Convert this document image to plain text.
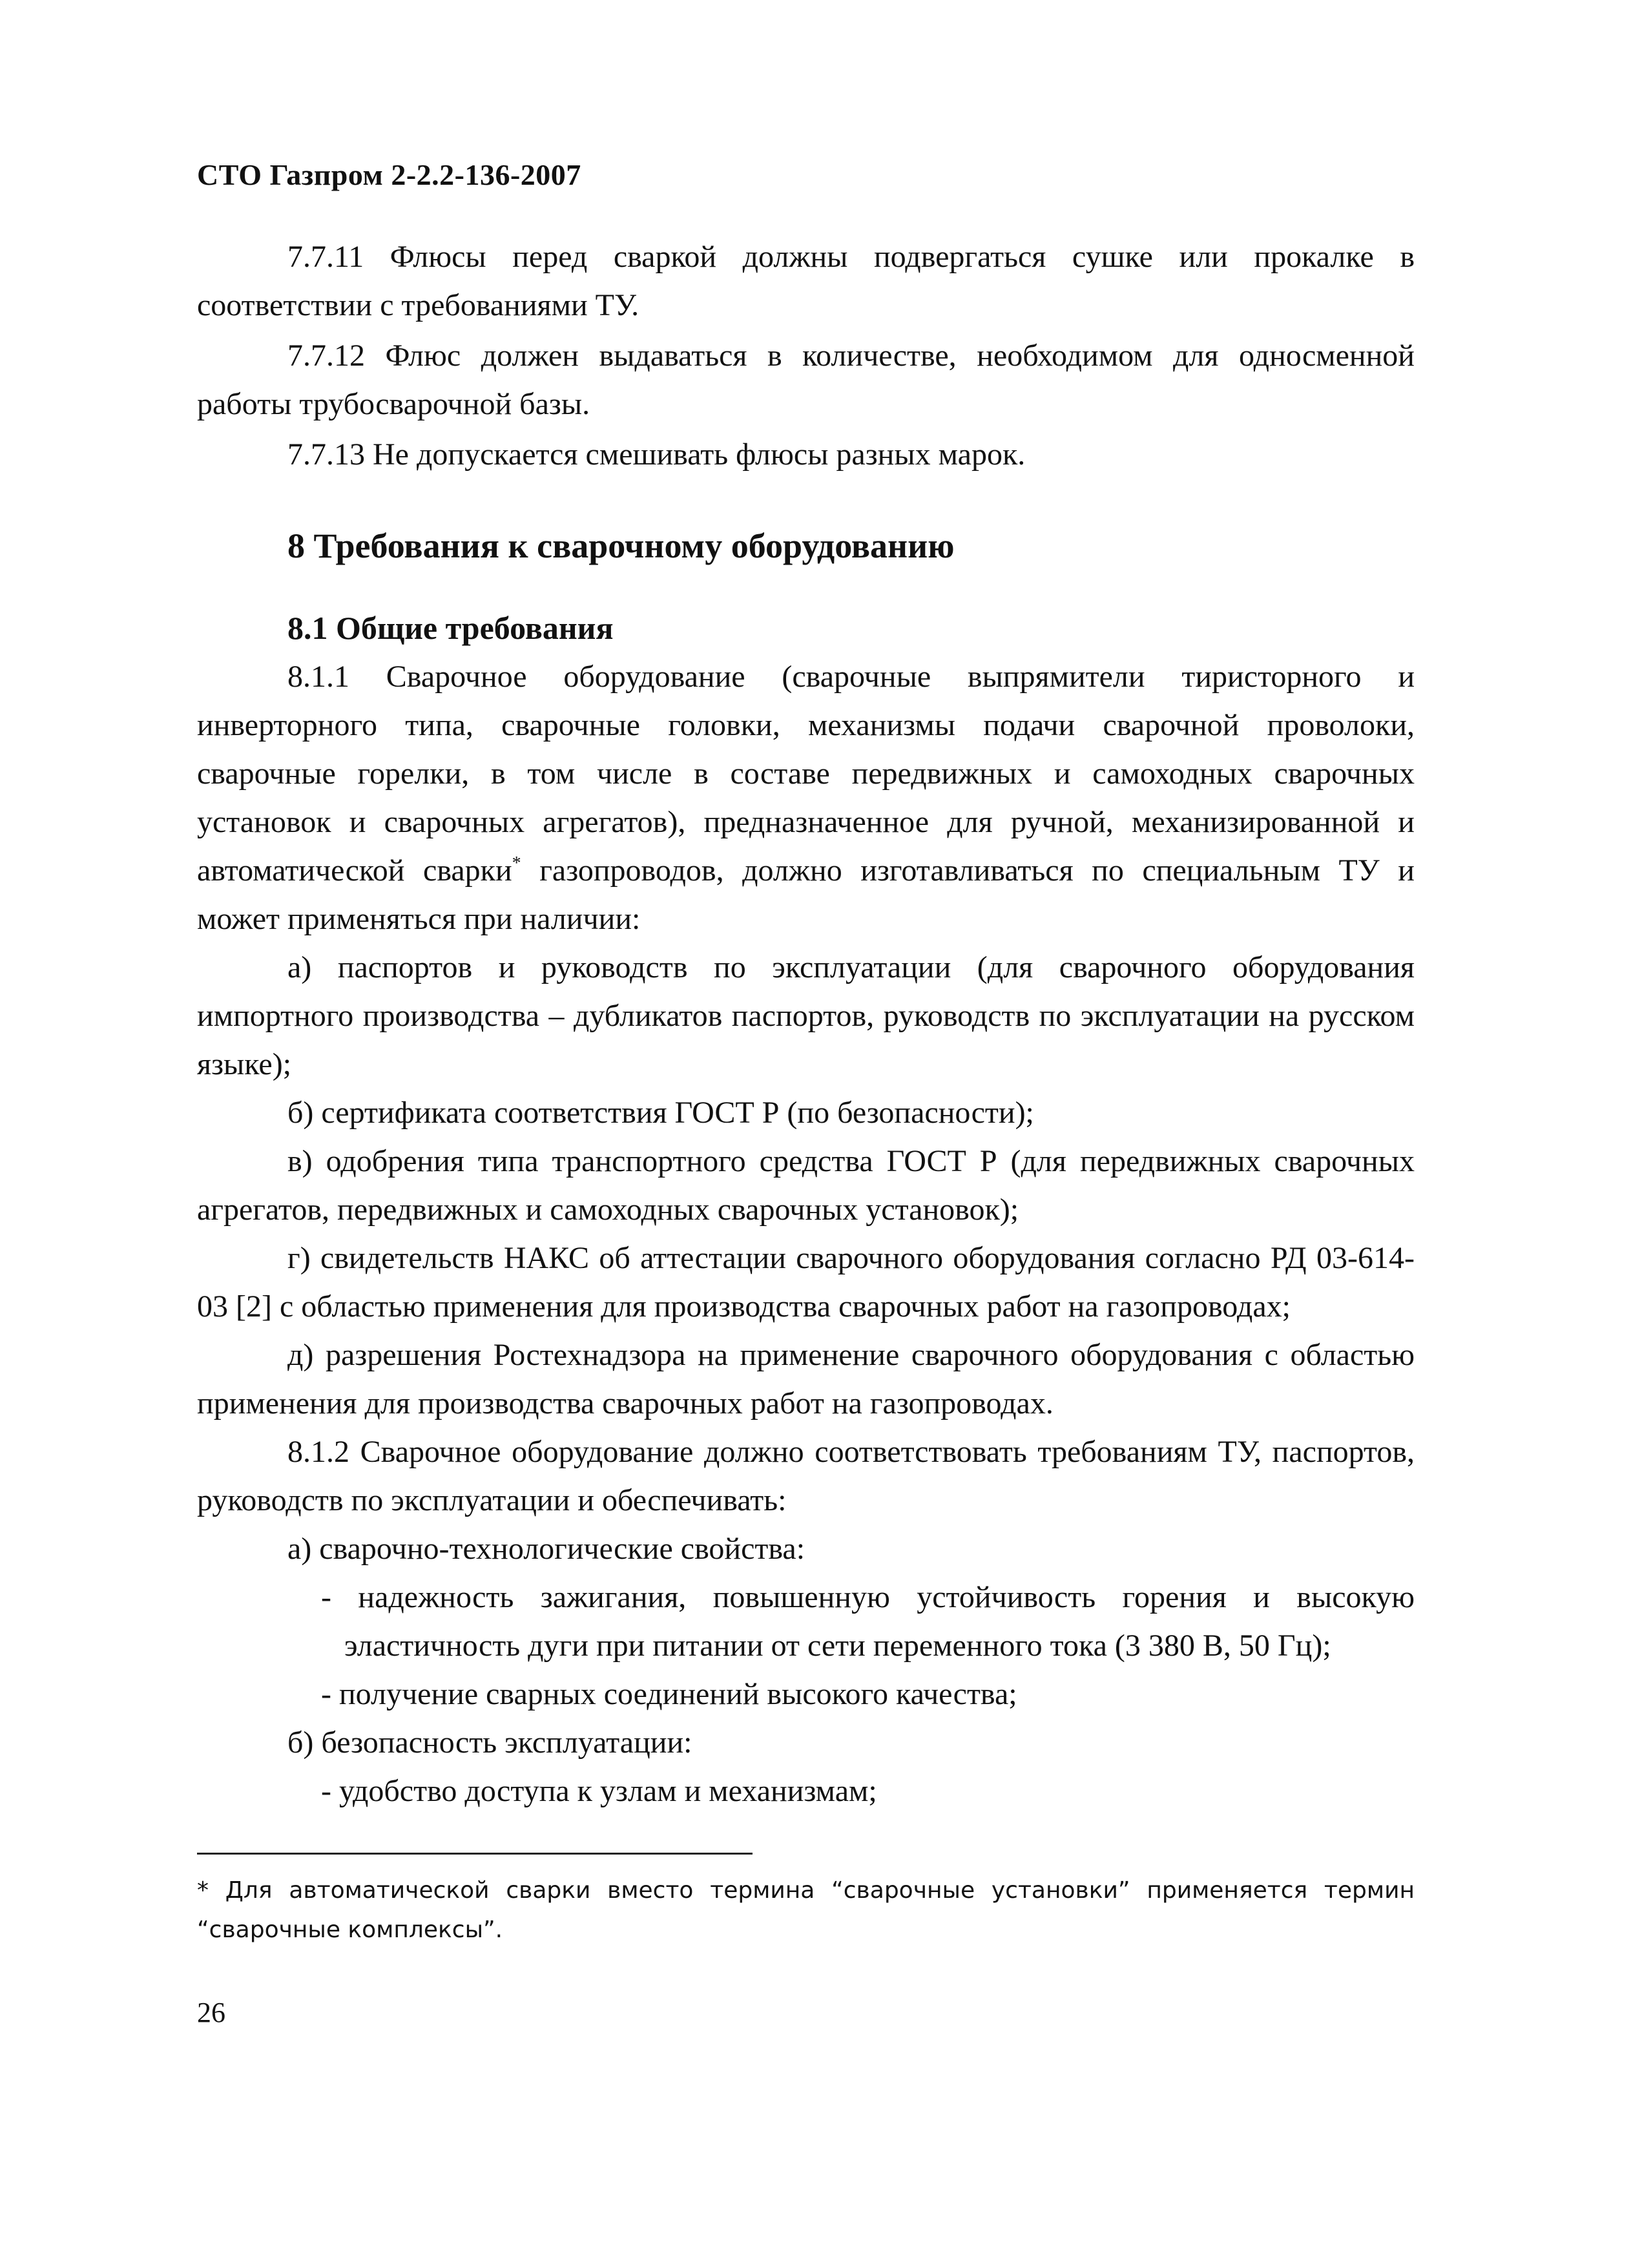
СТО Газпром 2-2.2-136-2007

7.7.11 Флюсы перед сваркой должны подвергаться сушке или прокалке в соответствии с требованиями ТУ.

7.7.12 Флюс должен выдаваться в количестве, необходимом для односменной работы трубосварочной базы.

7.7.13 Не допускается смешивать флюсы разных марок.

8 Требования к сварочному оборудованию
8.1 Общие требования

8.1.1 Сварочное оборудование (сварочные выпрямители тиристорного и инверторного типа, сварочные головки, механизмы подачи сварочной проволоки, сварочные горелки, в том числе в составе передвижных и самоходных сварочных установок и сварочных агрегатов), предназначенное для ручной, механизированной и автоматической сварки* газопроводов, должно изготавливаться по специальным ТУ и может применяться при наличии:

а) паспортов и руководств по эксплуатации (для сварочного оборудования импортного производства – дубликатов паспортов, руководств по эксплуатации на русском языке);

б) сертификата соответствия ГОСТ Р (по безопасности);

в) одобрения типа транспортного средства ГОСТ Р (для передвижных сварочных агрегатов, передвижных и самоходных сварочных установок);

г) свидетельств НАКС об аттестации сварочного оборудования согласно РД 03-614-03 [2] с областью применения для производства сварочных работ на газопроводах;

д) разрешения Ростехнадзора на применение сварочного оборудования с областью применения для производства сварочных работ на газопроводах.

8.1.2 Сварочное оборудование должно соответствовать требованиям ТУ, паспортов, руководств по эксплуатации и обеспечивать:

а) сварочно-технологические свойства:

- надежность зажигания, повышенную устойчивость горения и высокую эластичность дуги при питании от сети переменного тока (3 380 В, 50 Гц);

- получение сварных соединений высокого качества;

б) безопасность эксплуатации:

- удобство доступа к узлам и механизмам;

* Для автоматической сварки вместо термина “сварочные установки” применяется термин “сварочные комплексы”.
26
